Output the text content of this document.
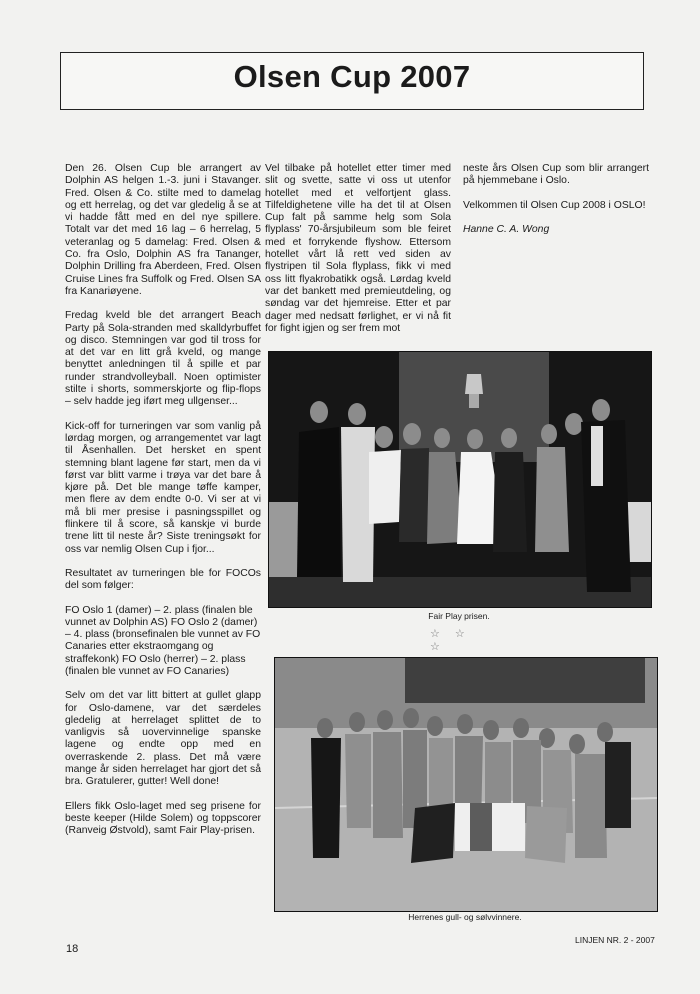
Olsen Cup 2007

Den 26. Olsen Cup ble arrangert av Dolphin AS helgen 1.-3. juni i Stavanger. Fred. Olsen & Co. stilte med to damelag og ett herrelag, og det var gledelig å se at vi hadde fått med en del nye spillere. Totalt var det med 16 lag – 6 herrelag, 5 veteranlag og 5 damelag: Fred. Olsen & Co. fra Oslo, Dolphin AS fra Tananger, Dolphin Drilling fra Aberdeen, Fred. Olsen Cruise Lines fra Suffolk og Fred. Olsen SA fra Kanariøyene.

Fredag kveld ble det arrangert Beach Party på Sola-stranden med skalldyrbuffet og disco. Stemningen var god til tross for at det var en litt grå kveld, og mange benyttet anledningen til å spille et par runder strandvolleyball. Noen optimister stilte i shorts, sommerskjorte og flip-flops – selv hadde jeg iført meg ullgenser...

Kick-off for turneringen var som vanlig på lørdag morgen, og arrangementet var lagt til Åsenhallen. Det hersket en spent stemning blant lagene før start, men da vi først var blitt varme i trøya var det bare å kjøre på. Det ble mange tøffe kamper, men flere av dem endte 0-0. Vi ser at vi må bli mer presise i pasningsspillet og flinkere til å score, så kanskje vi burde trene litt til neste år? Siste treningsøkt for oss var nemlig Olsen Cup i fjor...

Resultatet av turneringen ble for FOCOs del som følger:

FO Oslo 1 (damer) – 2. plass (finalen ble vunnet av Dolphin AS) FO Oslo 2 (damer) – 4. plass (bronsefinalen ble vunnet av FO Canaries etter ekstraomgang og straffekonk) FO Oslo (herrer) – 2. plass (finalen ble vunnet av FO Canaries)

Selv om det var litt bittert at gullet glapp for Oslo-damene, var det særdeles gledelig at herrelaget splittet de to vanligvis så uovervinnelige spanske lagene og endte opp med en overraskende 2. plass. Det må være mange år siden herrelaget har gjort det så bra. Gratulerer, gutter! Well done!

Ellers fikk Oslo-laget med seg prisene for beste keeper (Hilde Solem) og toppscorer (Ranveig Østvold), samt Fair Play-prisen.

Vel tilbake på hotellet etter timer med slit og svette, satte vi oss ut utenfor hotellet med et velfortjent glass. Tilfeldighetene ville ha det til at Olsen Cup falt på samme helg som Sola flyplass' 70-årsjubileum som ble feiret med et forrykende flyshow. Ettersom hotellet vårt lå rett ved siden av flystripen til Sola flyplass, fikk vi med oss litt flyakrobatikk også. Lørdag kveld var det bankett med premieutdeling, og søndag var det hjemreise. Etter et par dager med nedsatt førlighet, er vi nå fit for fight igjen og ser frem mot

neste års Olsen Cup som blir arrangert på hjemmebane i Oslo.

Velkommen til Olsen Cup 2008 i OSLO!

Hanne C. A. Wong

Fair Play prisen.
☆ ☆ ☆
Herrenes gull- og sølvvinnere.
18
LINJEN NR. 2 - 2007
